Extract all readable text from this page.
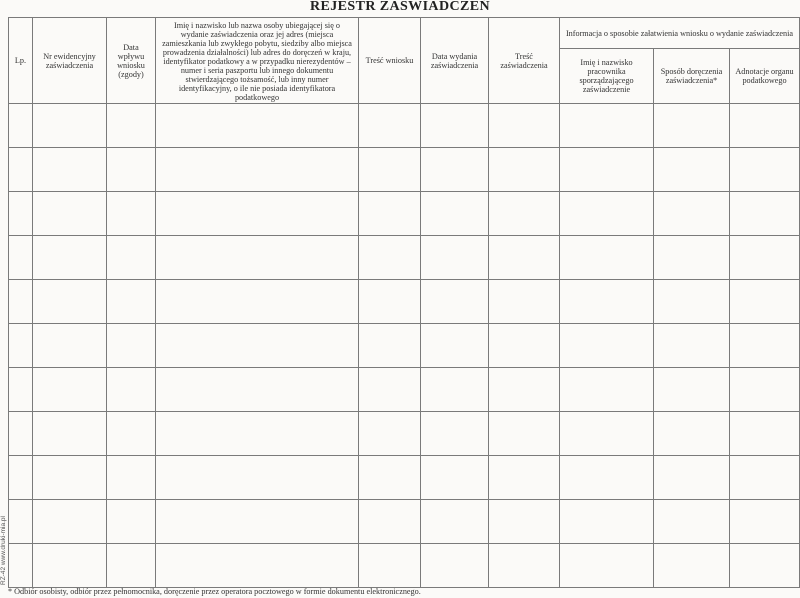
REJESTR ZAŚWIADCZEŃ
Lp.	Nr ewidencyjny zaświadczenia	Data wpływu wniosku (zgody)	Imię i nazwisko lub nazwa osoby ubiegającej się o wydanie zaświadczenia oraz jej adres (miejsca zamieszkania lub zwykłego pobytu, siedziby albo miejsca prowadzenia działalności) lub adres do doręczeń w kraju, identyfikator podatkowy a w przypadku nierezydentów – numer i seria paszportu lub innego dokumentu stwierdzającego tożsamość, lub inny numer identyfikacyjny, o ile nie posiada identyfikatora podatkowego	Treść wniosku	Data wydania zaświadczenia	Treść zaświadczenia	Informacja o sposobie załatwienia wniosku o wydanie zaświadczenia		

							Imię i nazwisko pracownika sporządzającego zaświadczenie	Sposób doręczenia zaświadczenia*	Adnotacje organu podatkowego

* Odbiór osobisty, odbiór przez pełnomocnika, doręczenie przez operatora pocztowego w formie dokumentu elektronicznego.
RZ-42 www.druki-mia.pl
